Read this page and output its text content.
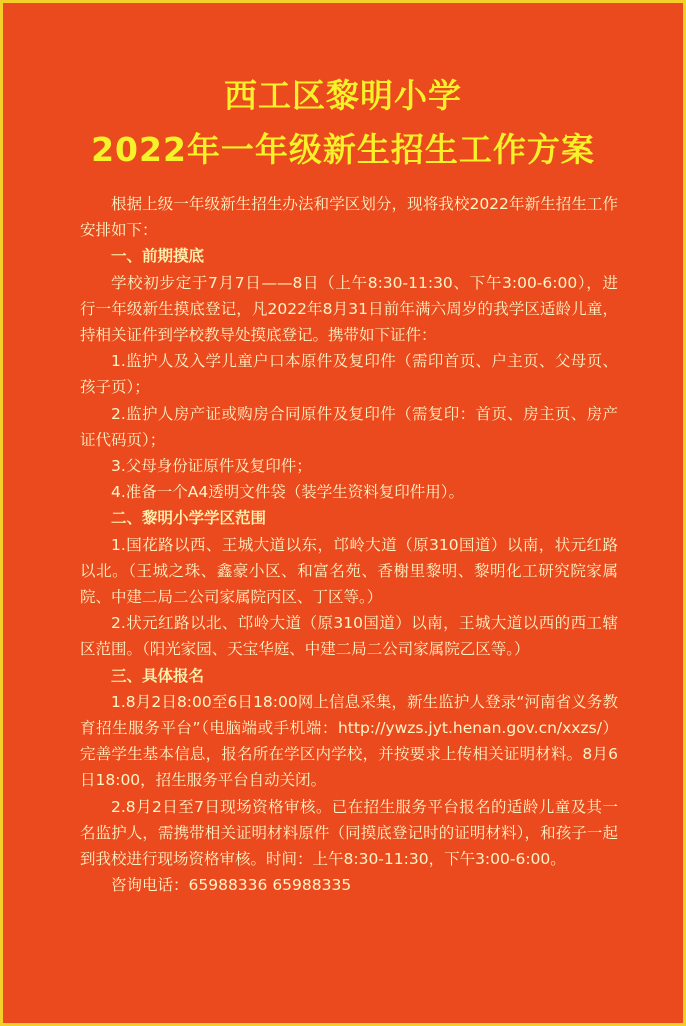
西工区黎明小学
2022年一年级新生招生工作方案

根据上级一年级新生招生办法和学区划分，现将我校2022年新生招生工作安排如下：

一、前期摸底

学校初步定于7月7日——8日（上午8:30-11:30、下午3:00-6:00），进行一年级新生摸底登记，凡2022年8月31日前年满六周岁的我学区适龄儿童，持相关证件到学校教导处摸底登记。携带如下证件：

1.监护人及入学儿童户口本原件及复印件（需印首页、户主页、父母页、孩子页）；

2.监护人房产证或购房合同原件及复印件（需复印：首页、房主页、房产证代码页）；

3.父母身份证原件及复印件；

4.准备一个A4透明文件袋（装学生资料复印件用）。

二、黎明小学学区范围

1.国花路以西、王城大道以东，邙岭大道（原310国道）以南，状元红路以北。（王城之珠、鑫豪小区、和富名苑、香榭里黎明、黎明化工研究院家属院、中建二局二公司家属院丙区、丁区等。）

2.状元红路以北、邙岭大道（原310国道）以南，王城大道以西的西工辖区范围。（阳光家园、天宝华庭、中建二局二公司家属院乙区等。）

三、具体报名

1.8月2日8:00至6日18:00网上信息采集，新生监护人登录“河南省义务教育招生服务平台”（电脑端或手机端：http://ywzs.jyt.henan.gov.cn/xxzs/）完善学生基本信息，报名所在学区内学校，并按要求上传相关证明材料。8月6日18:00，招生服务平台自动关闭。

2.8月2日至7日现场资格审核。已在招生服务平台报名的适龄儿童及其一名监护人，需携带相关证明材料原件（同摸底登记时的证明材料），和孩子一起到我校进行现场资格审核。时间：上午8:30-11:30，下午3:00-6:00。

咨询电话：65988336 65988335
